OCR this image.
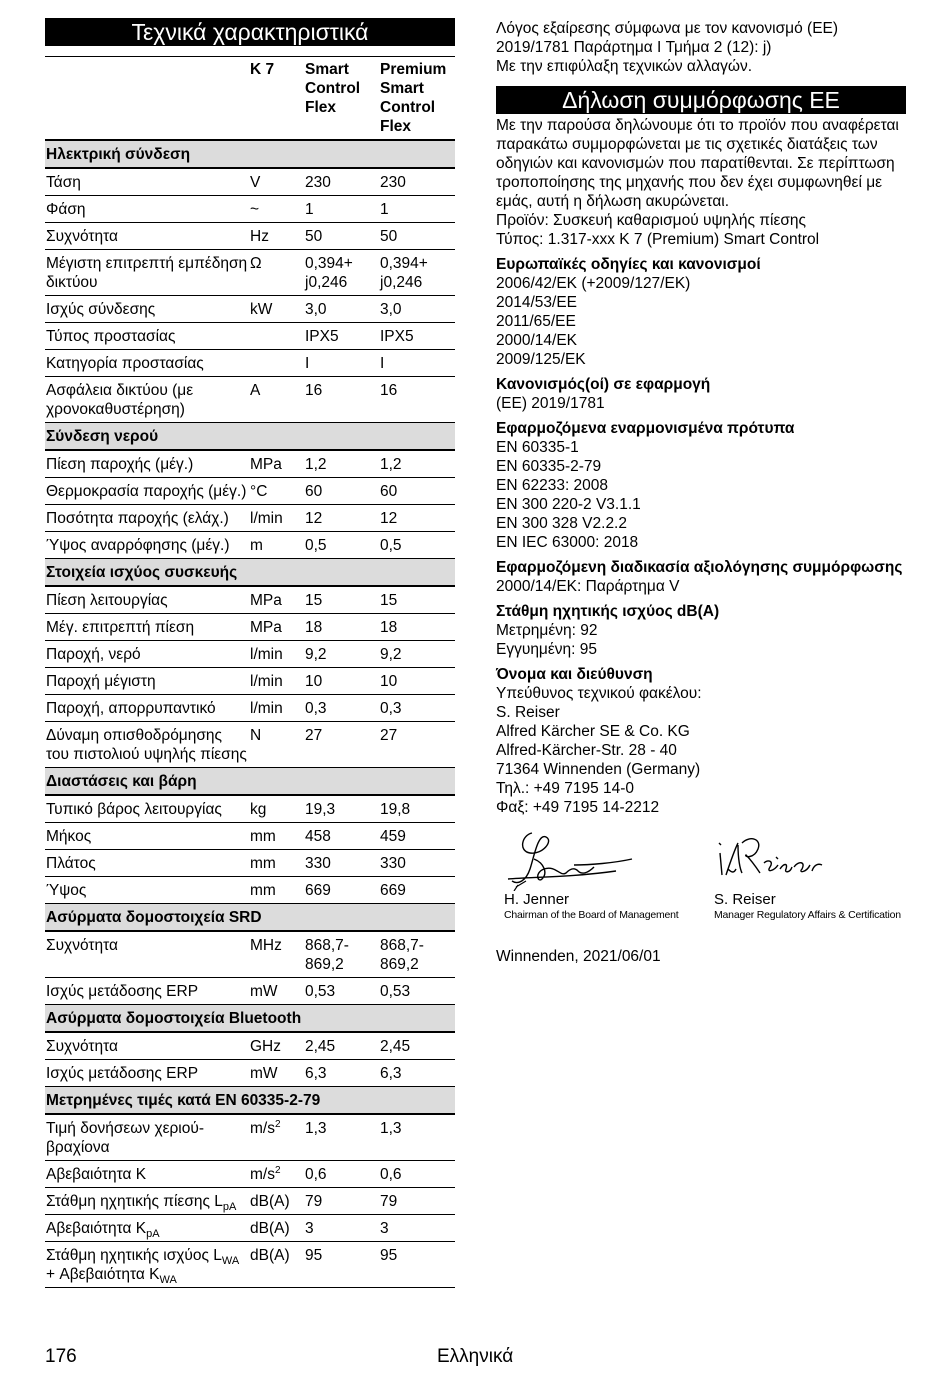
Τεχνικά χαρακτηριστικά
	K 7	Smart Control Flex	Premium Smart Control Flex
Ηλεκτρική σύνδεση			
Τάση	V	230	230
Φάση	~	1	1
Συχνότητα	Hz	50	50
Μέγιστη επιτρεπτή εμπέδηση δικτύου	Ω	0,394+ j0,246	0,394+ j0,246
Ισχύς σύνδεσης	kW	3,0	3,0
Τύπος προστασίας		IPX5	IPX5
Κατηγορία προστασίας		I	I
Ασφάλεια δικτύου (με χρονοκαθυστέρηση)	A	16	16
Σύνδεση νερού			
Πίεση παροχής (μέγ.)	MPa	1,2	1,2
Θερμοκρασία παροχής (μέγ.)	°C	60	60
Ποσότητα παροχής (ελάχ.)	l/min	12	12
Ύψος αναρρόφησης (μέγ.)	m	0,5	0,5
Στοιχεία ισχύος συσκευής			
Πίεση λειτουργίας	MPa	15	15
Μέγ. επιτρεπτή πίεση	MPa	18	18
Παροχή, νερό	l/min	9,2	9,2
Παροχή μέγιστη	l/min	10	10
Παροχή, απορρυπαντικό	l/min	0,3	0,3
Δύναμη οπισθοδρόμησης του πιστολιού υψηλής πίεσης	N	27	27
Διαστάσεις και βάρη			
Τυπικό βάρος λειτουργίας	kg	19,3	19,8
Μήκος	mm	458	459
Πλάτος	mm	330	330
Ύψος	mm	669	669
Ασύρματα δομοστοιχεία SRD			
Συχνότητα	MHz	868,7-869,2	868,7-869,2
Ισχύς μετάδοσης ERP	mW	0,53	0,53
Ασύρματα δομοστοιχεία Bluetooth			
Συχνότητα	GHz	2,45	2,45
Ισχύς μετάδοσης ERP	mW	6,3	6,3
Μετρημένες τιμές κατά EN 60335-2-79			
Τιμή δονήσεων χεριού-βραχίονα	$m/s^2$	1,3	1,3
Αβεβαιότητα K	$m/s^2$	0,6	0,6
Στάθμη ηχητικής πίεσης $L_{pA}$	dB(A)	79	79
Αβεβαιότητα $K_{pA}$	dB(A)	3	3
Στάθμη ηχητικής ισχύος $L_{WA} + A\beta\varepsilon\beta\alpha\iota ό\tau\eta\tau\alpha$ $K_{WA}$	dB(A)	95	95

Λόγος εξαίρεσης σύμφωνα με τον κανονισμό (ΕΕ) 2019/1781 Παράρτημα I Τμήμα 2 (12): j)

Με την επιφύλαξη τεχνικών αλλαγών.

Δήλωση συμμόρφωσης ΕΕ

Με την παρούσα δηλώνουμε ότι το προϊόν που αναφέρεται παρακάτω συμμορφώνεται με τις σχετικές διατάξεις των οδηγιών και κανονισμών που παρατίθενται. Σε περίπτωση τροποποίησης της μηχανής που δεν έχει συμφωνηθεί με εμάς, αυτή η δήλωση ακυρώνεται.

Προϊόν: Συσκευή καθαρισμού υψηλής πίεσης

Τύπος: 1.317-xxx K 7 (Premium) Smart Control

Ευρωπαϊκές οδηγίες και κανονισμοί

2006/42/ΕΚ (+2009/127/ΕΚ)

2014/53/ΕΕ

2011/65/ΕΕ

2000/14/ΕΚ

2009/125/ΕΚ

Κανονισμός(οί) σε εφαρμογή

(ΕΕ) 2019/1781

Εφαρμοζόμενα εναρμονισμένα πρότυπα

EN 60335-1

EN 60335-2-79

EN 62233: 2008

EN 300 220-2 V3.1.1

EN 300 328 V2.2.2

EN IEC 63000: 2018

Εφαρμοζόμενη διαδικασία αξιολόγησης συμμόρφωσης

2000/14/ΕΚ: Παράρτημα V

Στάθμη ηχητικής ισχύος dB(A)

Μετρημένη: 92

Εγγυημένη: 95

Όνομα και διεύθυνση

Υπεύθυνος τεχνικού φακέλου:

S. Reiser

Alfred Kärcher SE & Co. KG

Alfred-Kärcher-Str. 28 - 40

71364 Winnenden (Germany)

Τηλ.: +49 7195 14-0

Φαξ: +49 7195 14-2212

H. Jenner
Chairman of the Board of Management
S. Reiser
Manager Regulatory Affairs & Certification

Winnenden, 2021/06/01

176	Ελληνικά
